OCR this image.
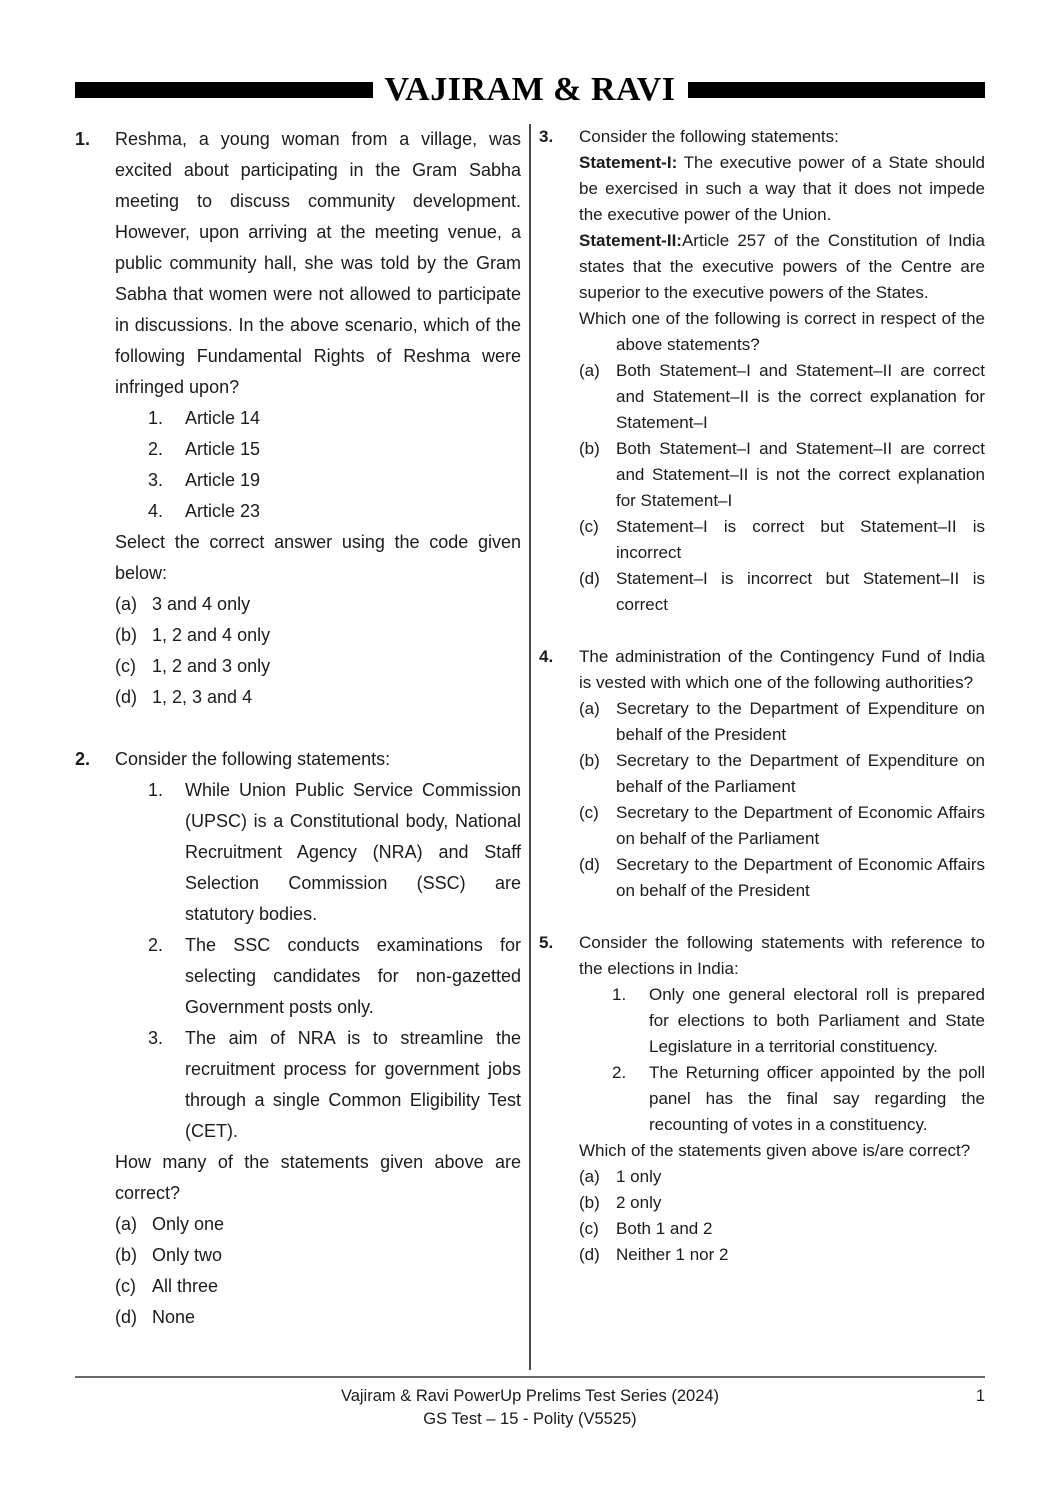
VAJIRAM & RAVI
1.	Reshma, a young woman from a village, was excited about participating in the Gram Sabha meeting to discuss community development. However, upon arriving at the meeting venue, a public community hall, she was told by the Gram Sabha that women were not allowed to participate in discussions. In the above scenario, which of the following Fundamental Rights of Reshma were infringed upon?

1.	Article 14
2.	Article 15
3.	Article 19
4.	Article 23

Select the correct answer using the code given below:

(a) 3 and 4 only
(b) 1, 2 and 4 only
(c) 1, 2 and 3 only
(d) 1, 2, 3 and 4
2.	Consider the following statements:

1.	While Union Public Service Commission (UPSC) is a Constitutional body, National Recruitment Agency (NRA) and Staff Selection Commission (SSC) are statutory bodies.
2.	The SSC conducts examinations for selecting candidates for non-gazetted Government posts only.
3.	The aim of NRA is to streamline the recruitment process for government jobs through a single Common Eligibility Test (CET).

How many of the statements given above are correct?

(a) Only one
(b) Only two
(c) All three
(d) None
3.	Consider the following statements:

Statement-I: The executive power of a State should be exercised in such a way that it does not impede the executive power of the Union.

Statement-II:Article 257 of the Constitution of India states that the executive powers of the Centre are superior to the executive powers of the States.

Which one of the following is correct in respect of the above statements?

(a) Both Statement–I and Statement–II are correct and Statement–II is the correct explanation for Statement–I
(b) Both Statement–I and Statement–II are correct and Statement–II is not the correct explanation for Statement–I
(c)	Statement–I is correct but Statement–II is incorrect
(d) Statement–I is incorrect but Statement–II is correct
4.	The administration of the Contingency Fund of India is vested with which one of the following authorities?

(a) Secretary to the Department of Expenditure on behalf of the President
(b) Secretary to the Department of Expenditure on behalf of the Parliament
(c)	Secretary to the Department of Economic Affairs on behalf of the Parliament
(d) Secretary to the Department of Economic Affairs on behalf of the President
5.	Consider the following statements with reference to the elections in India:

1.	Only one general electoral roll is prepared for elections to both Parliament and State Legislature in a territorial constituency.
2.	The Returning officer appointed by the poll panel has the final say regarding the recounting of votes in a constituency.

Which of the statements given above is/are correct?

(a) 1 only
(b) 2 only
(c)	Both 1 and 2
(d) Neither 1 nor 2
Vajiram & Ravi PowerUp Prelims Test Series (2024)
GS Test – 15 - Polity (V5525)
1
